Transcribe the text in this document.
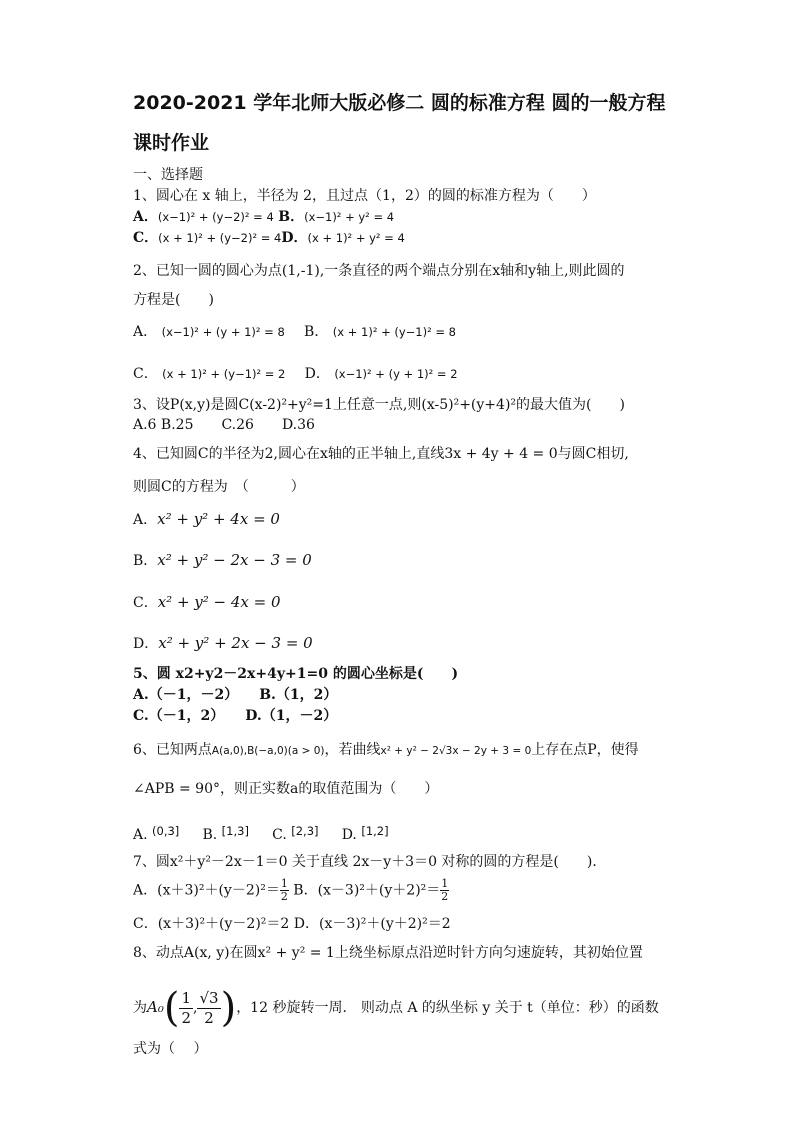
2020-2021 学年北师大版必修二 圆的标准方程 圆的一般方程
课时作业
一、选择题
1、圆心在 x 轴上，半径为 2，且过点（1，2）的圆的标准方程为（　　）
A．(x−1)² + (y−2)² = 4 B．(x−1)² + y² = 4
C．(x + 1)² + (y−2)² = 4D．(x + 1)² + y² = 4
2、已知一圆的圆心为点(1,-1),一条直径的两个端点分别在x轴和y轴上,则此圆的
方程是(　　)
A． (x−1)² + (y + 1)² = 8 B． (x + 1)² + (y−1)² = 8
C． (x + 1)² + (y−1)² = 2 D． (x−1)² + (y + 1)² = 2
3、设P(x,y)是圆C(x-2)²+y²=1上任意一点,则(x-5)²+(y+4)²的最大值为(　　)
A.6 B.25　　C.26　　D.36
4、已知圆C的半径为2,圆心在x轴的正半轴上,直线3x + 4y + 4 = 0与圆C相切,
则圆C的方程为　（　　　）
A．x² + y² + 4x = 0
B．x² + y² − 2x − 3 = 0
C．x² + y² − 4x = 0
D．x² + y² + 2x − 3 = 0
5、圆 x2+y2－2x+4y+1=0 的圆心坐标是(　　)
A.（－1，－2）　　B.（1，2）
C.（－1，2）　　D.（1，－2）
6、已知两点A(a,0),B(−a,0)(a > 0)，若曲线x² + y² − 2√3x − 2y + 3 = 0上存在点P，使得
∠APB = 90°，则正实数a的取值范围为（　　）
A. (0,3] B. [1,3] C. [2,3] D. [1,2]
7、圆x²＋y²－2x－1＝0 关于直线 2x－y＋3＝0 对称的圆的方程是(　　)．
A．$(x+3)^2+(y-2)^2= \frac{1}{2}$ B．$(x-3)^2+(y+2)^2= \frac{1}{2}$
C．(x＋3)²＋(y－2)²＝2 D．(x－3)²＋(y＋2)²＝2
8、动点A(x, y)在圆x² + y² = 1上绕坐标原点沿逆时针方向匀速旋转，其初始位置
为$A_0( \frac{1}{2}$ , $\frac{√3}{2}$ )，12 秒旋转一周． 则动点 A 的纵坐标 y 关于 t（单位：秒）的函数
式为（　 ）
